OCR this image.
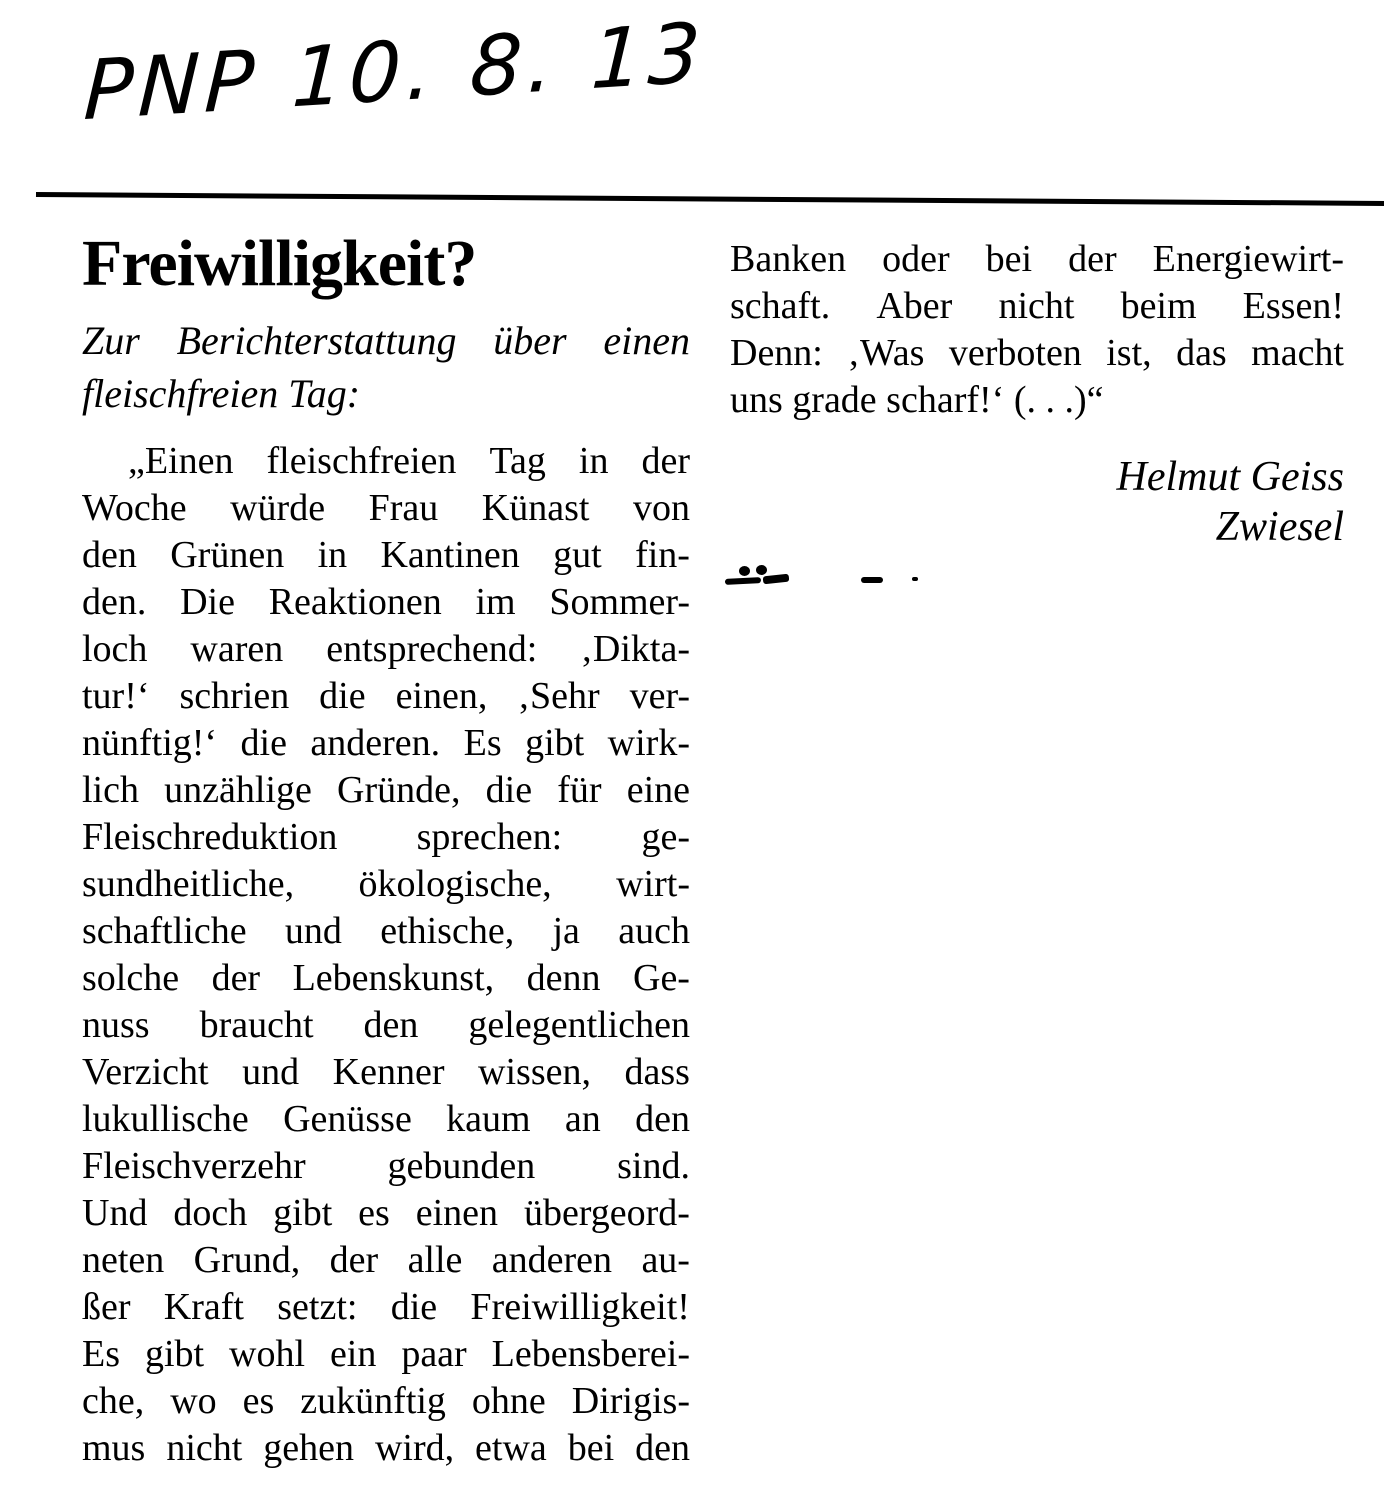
PNP 10. 8. 13
Freiwilligkeit?
Zur Berichterstattung über einen
fleischfreien Tag:
„Einen fleischfreien Tag in der
Woche würde Frau Künast von
den Grünen in Kantinen gut fin-
den. Die Reaktionen im Sommer-
loch waren entsprechend: ‚Dikta-
tur!‘ schrien die einen, ‚Sehr ver-
nünftig!‘ die anderen. Es gibt wirk-
lich unzählige Gründe, die für eine
Fleischreduktion sprechen: ge-
sundheitliche, ökologische, wirt-
schaftliche und ethische, ja auch
solche der Lebenskunst, denn Ge-
nuss braucht den gelegentlichen
Verzicht und Kenner wissen, dass
lukullische Genüsse kaum an den
Fleischverzehr gebunden sind.
Und doch gibt es einen übergeord-
neten Grund, der alle anderen au-
ßer Kraft setzt: die Freiwilligkeit!
Es gibt wohl ein paar Lebensberei-
che, wo es zukünftig ohne Dirigis-
mus nicht gehen wird, etwa bei den
Banken oder bei der Energiewirt-
schaft. Aber nicht beim Essen!
Denn: ‚Was verboten ist, das macht
uns grade scharf!‘ (. . .)“
Helmut Geiss
Zwiesel
